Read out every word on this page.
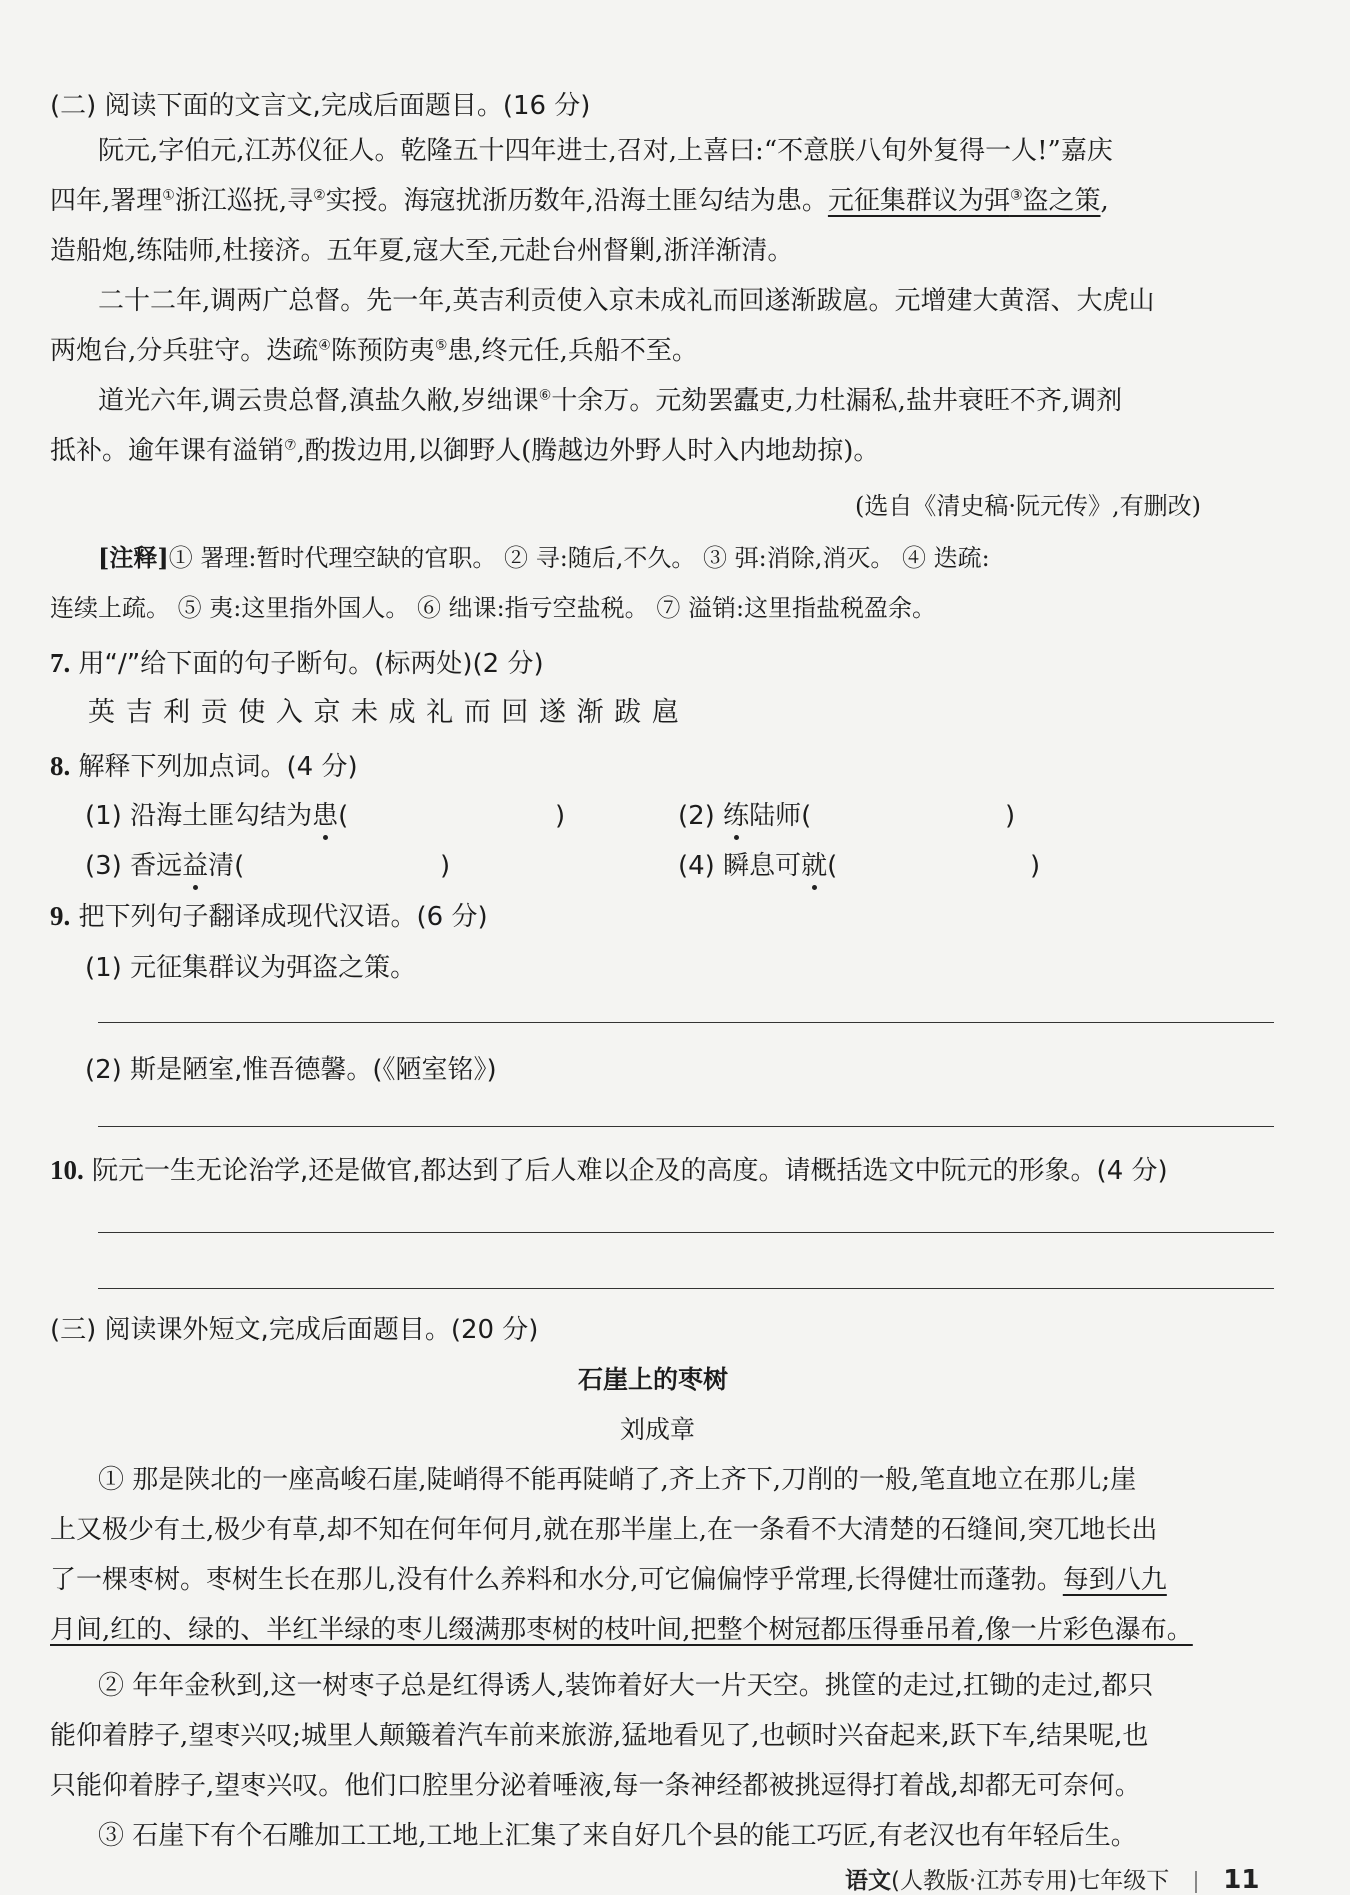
(二) 阅读下面的文言文,完成后面题目。(16 分)
阮元,字伯元,江苏仪征人。乾隆五十四年进士,召对,上喜曰:“不意朕八旬外复得一人!”嘉庆
四年,署理①浙江巡抚,寻②实授。海寇扰浙历数年,沿海土匪勾结为患。元征集群议为弭③盗之策,
造船炮,练陆师,杜接济。五年夏,寇大至,元赴台州督剿,浙洋渐清。
二十二年,调两广总督。先一年,英吉利贡使入京未成礼而回遂渐跋扈。元增建大黄滘、大虎山
两炮台,分兵驻守。迭疏④陈预防夷⑤患,终元任,兵船不至。
道光六年,调云贵总督,滇盐久敝,岁绌课⑥十余万。元劾罢蠹吏,力杜漏私,盐井衰旺不齐,调剂
抵补。逾年课有溢销⑦,酌拨边用,以御野人(腾越边外野人时入内地劫掠)。
(选自《清史稿·阮元传》,有删改)
[注释]① 署理:暂时代理空缺的官职。 ② 寻:随后,不久。 ③ 弭:消除,消灭。 ④ 迭疏:
连续上疏。 ⑤ 夷:这里指外国人。 ⑥ 绌课:指亏空盐税。 ⑦ 溢销:这里指盐税盈余。
7. 用“/”给下面的句子断句。(标两处)(2 分)
英 吉 利 贡 使 入 京 未 成 礼 而 回 遂 渐 跋 扈
8. 解释下列加点词。(4 分)
(1) 沿海土匪勾结为患(	)	(2) 练陆师(	)
(3) 香远益清(	)	(4) 瞬息可就(	)
9. 把下列句子翻译成现代汉语。(6 分)
(1) 元征集群议为弭盗之策。
(2) 斯是陋室,惟吾德馨。(《陋室铭》)
10. 阮元一生无论治学,还是做官,都达到了后人难以企及的高度。请概括选文中阮元的形象。(4 分)
(三) 阅读课外短文,完成后面题目。(20 分)
石崖上的枣树
刘成章
① 那是陕北的一座高峻石崖,陡峭得不能再陡峭了,齐上齐下,刀削的一般,笔直地立在那儿;崖
上又极少有土,极少有草,却不知在何年何月,就在那半崖上,在一条看不大清楚的石缝间,突兀地长出
了一棵枣树。枣树生长在那儿,没有什么养料和水分,可它偏偏悖乎常理,长得健壮而蓬勃。每到八九
月间,红的、绿的、半红半绿的枣儿缀满那枣树的枝叶间,把整个树冠都压得垂吊着,像一片彩色瀑布。
② 年年金秋到,这一树枣子总是红得诱人,装饰着好大一片天空。挑筐的走过,扛锄的走过,都只
能仰着脖子,望枣兴叹;城里人颠簸着汽车前来旅游,猛地看见了,也顿时兴奋起来,跃下车,结果呢,也
只能仰着脖子,望枣兴叹。他们口腔里分泌着唾液,每一条神经都被挑逗得打着战,却都无可奈何。
③ 石崖下有个石雕加工工地,工地上汇集了来自好几个县的能工巧匠,有老汉也有年轻后生。
语文(人教版·江苏专用)七年级下 11
